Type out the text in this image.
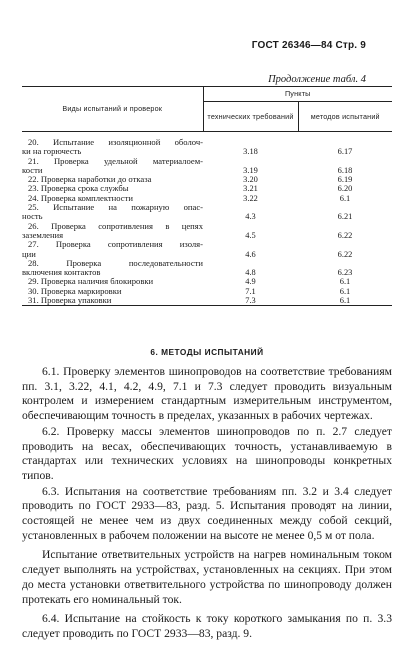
ГОСТ 26346—84 Стр. 9
Продолжение табл. 4
Виды испытаний и проверок	Пункты	
	технических требований	методов испытаний

20. Испытание изоляционной оболоч-
ки на горючесть	3.18	6.17

21. Проверка удельной материалоем-
кости	3.19	6.18
22. Проверка наработки до отказа	3.20	6.19
23. Проверка срока службы	3.21	6.20
24. Проверка комплектности	3.22	6.1

25. Испытание на пожарную опас-
ность	4.3	6.21

26. Проверка сопротивления в цепях
заземления	4.5	6.22

27. Проверка сопротивления изоля-
ции	4.6	6.22

28. Проверка последовательности
включения контактов	4.8	6.23
29. Проверка наличия блокировки	4.9	6.1
30. Проверка маркировки	7.1	6.1
31. Проверка упаковки	7.3	6.1
6. МЕТОДЫ ИСПЫТАНИЙ

6.1. Проверку элементов шинопроводов на соответствие требованиям пп. 3.1, 3.22, 4.1, 4.2, 4.9, 7.1 и 7.3 следует проводить визуальным контролем и измерением стандартным измерительным инструментом, обеспечивающим точность в пределах, указанных в рабочих чертежах.

6.2. Проверку массы элементов шинопроводов по п. 2.7 следует проводить на весах, обеспечивающих точность, устанавливаемую в стандартах или технических условиях на шинопроводы конкретных типов.

6.3. Испытания на соответствие требованиям пп. 3.2 и 3.4 следует проводить по ГОСТ 2933—83, разд. 5. Испытания проводят на линии, состоящей не менее чем из двух соединенных между собой секций, установленных в рабочем положении на высоте не менее 0,5 м от пола.

Испытание ответвительных устройств на нагрев номинальным током следует выполнять на устройствах, установленных на секциях. При этом до места установки ответвительного устройства по шинопроводу должен протекать его номинальный ток.

6.4. Испытание на стойкость к току короткого замыкания по п. 3.3 следует проводить по ГОСТ 2933—83, разд. 9.
